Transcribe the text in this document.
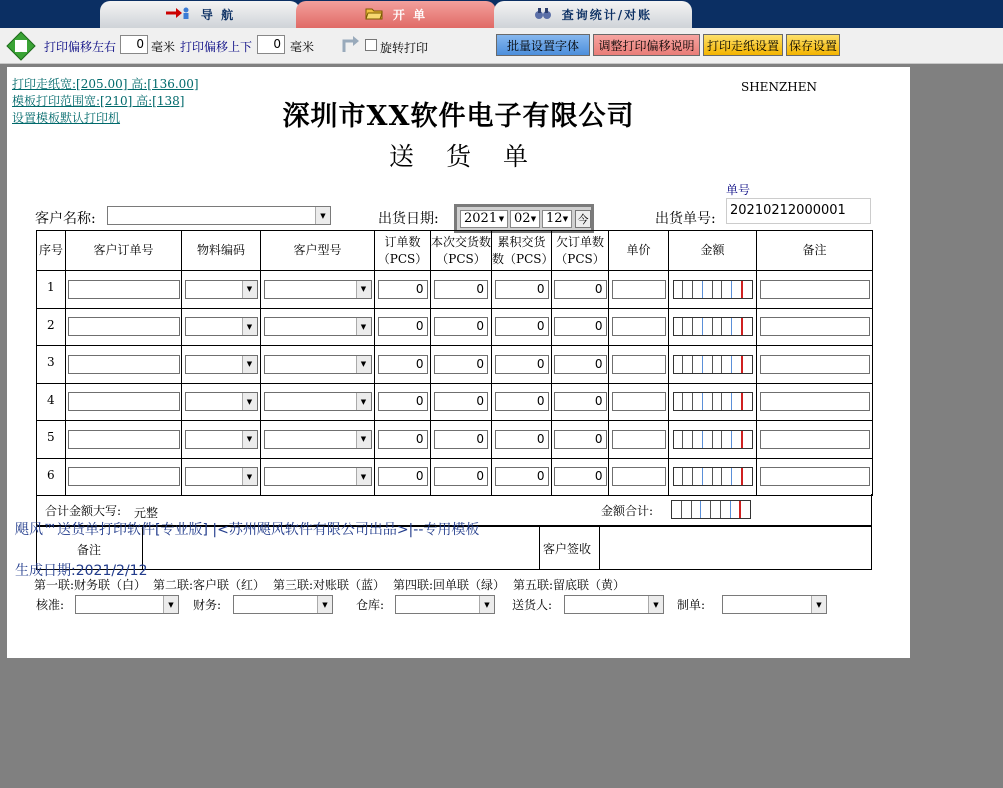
导 航	开 单	查询统计/对账
打印偏移左右	0 毫米 打印偏移上下	0 毫米	旋转打印	批量设置字体	调整打印偏移说明	打印走纸设置 保存设置
打印走纸宽:[205.00] 高:[136.00]
模板打印范围宽:[210] 高:[138]
设置模板默认打印机
SHENZHEN
深圳市XX软件电子有限公司
送 货 单
客户名称:	▼	出货日期:	2021 ▼ 02 ▼ 12 ▼ 今	出货单号:
单号
20210212000001
序号	客户订单号	物料编码	客户型号	订单数（PCS）	本次交货数（PCS）	累积交货数（PCS）	欠订单数（PCS）	单价	金额	备注
1		▼	▼	0	0	0	0			

2		▼	▼	0	0	0	0			

3		▼	▼	0	0	0	0			

4		▼	▼	0	0	0	0			

5		▼	▼	0	0	0	0			

6		▼	▼	0	0	0	0			

合计金额大写: 元整	金额合计:
备注	客户签收
第一联:财务联（白） 第二联:客户联（红） 第三联:对账联（蓝） 第四联:回单联（绿） 第五联:留底联（黄）
核准:	▼	财务:	▼	仓库:	▼	送货人:	▼	制单:	▼
飓风™送货单打印软件[专业版] |<苏州飓风软件有限公司出品>|--专用模板
生成日期:2021/2/12
